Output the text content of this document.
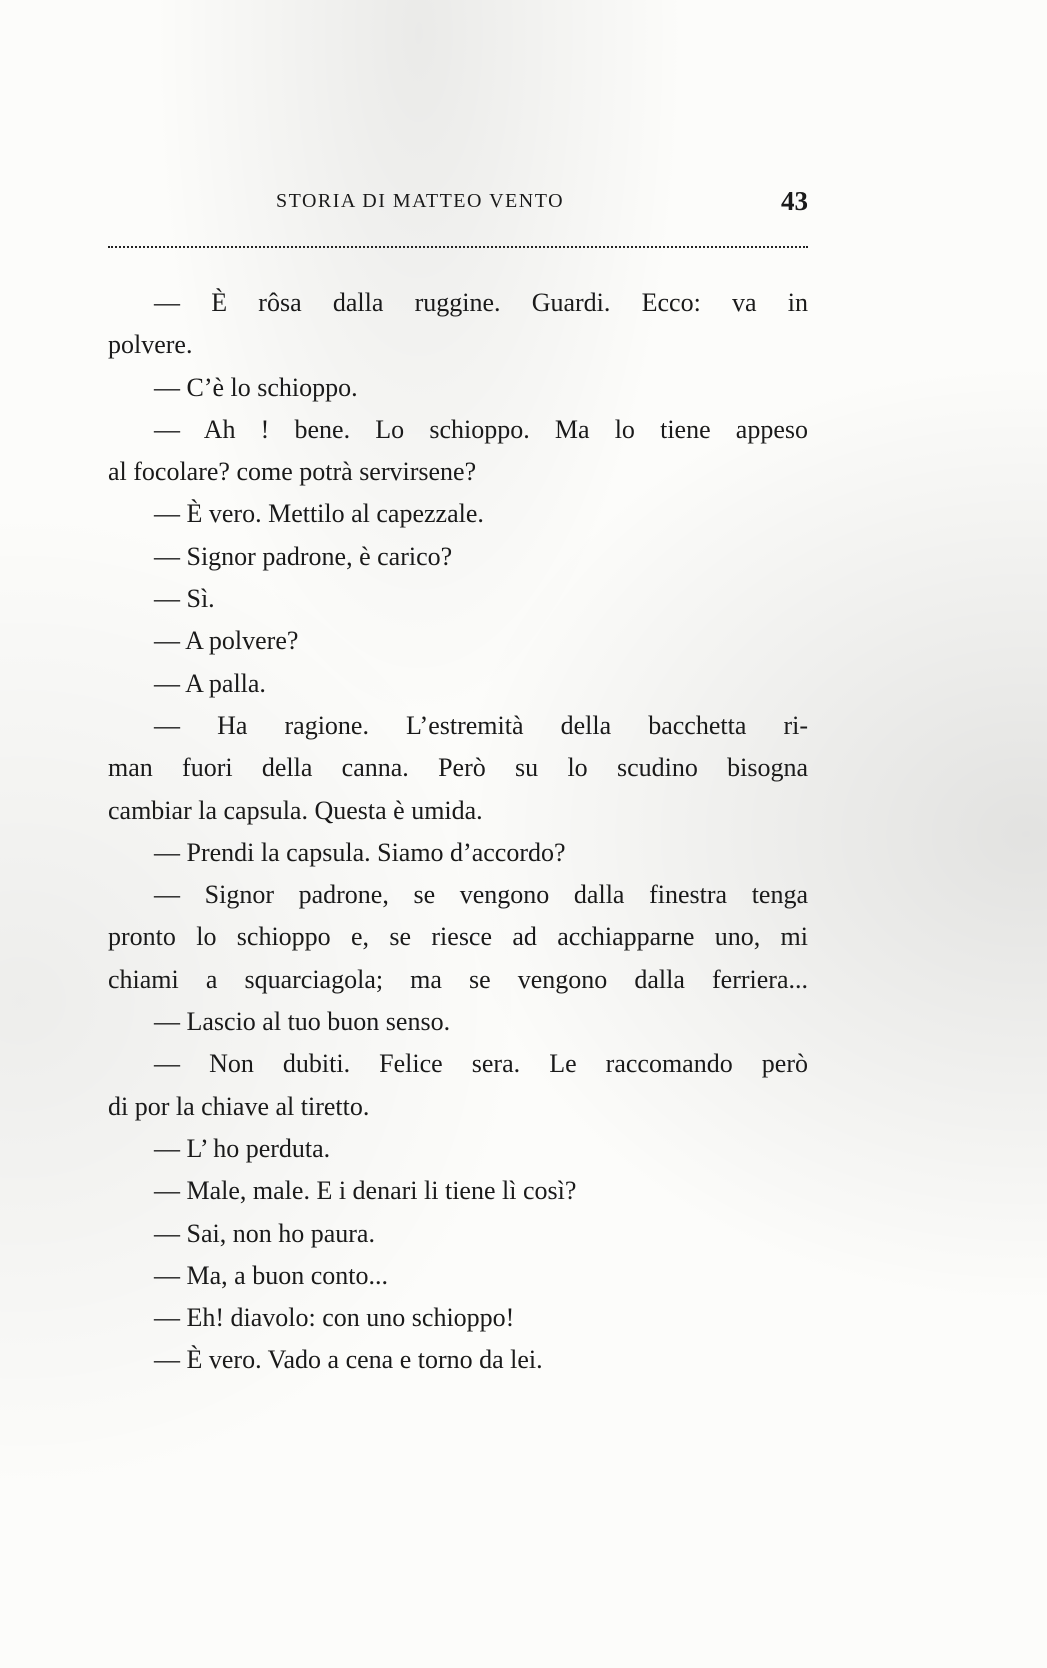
STORIA DI MATTEO VENTO	43
— È rôsa dalla ruggine. Guardi. Ecco: va in
polvere.
— C’è lo schioppo.
— Ah ! bene. Lo schioppo. Ma lo tiene appeso
al focolare? come potrà servirsene?
— È vero. Mettilo al capezzale.
— Signor padrone, è carico?
— Sì.
— A polvere?
— A palla.
— Ha ragione. L’estremità della bacchetta ri-
man fuori della canna. Però su lo scudino bisogna
cambiar la capsula. Questa è umida.
— Prendi la capsula. Siamo d’accordo?
— Signor padrone, se vengono dalla finestra tenga
pronto lo schioppo e, se riesce ad acchiapparne uno, mi
chiami a squarciagola; ma se vengono dalla ferriera...
— Lascio al tuo buon senso.
— Non dubiti. Felice sera. Le raccomando però
di por la chiave al tiretto.
— L’ ho perduta.
— Male, male. E i denari li tiene lì così?
— Sai, non ho paura.
— Ma, a buon conto...
— Eh! diavolo: con uno schioppo!
— È vero. Vado a cena e torno da lei.
